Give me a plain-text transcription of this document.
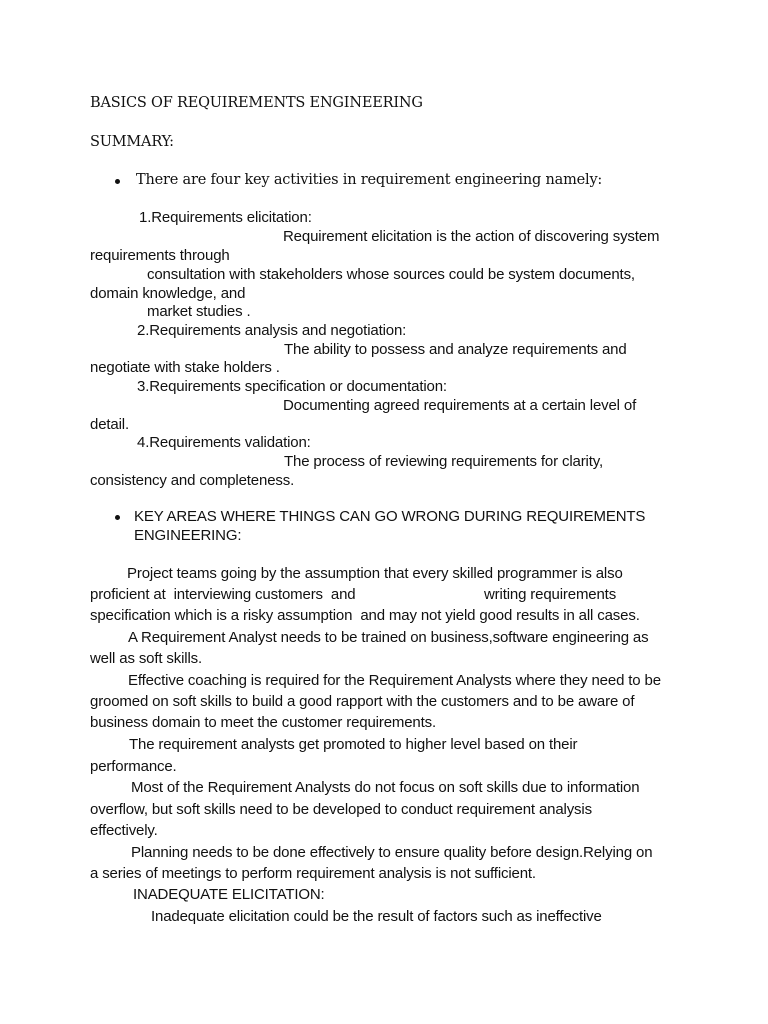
BASICS OF REQUIREMENTS ENGINEERING
SUMMARY:
There are four key activities in requirement engineering namely:
1.Requirements elicitation:
Requirement elicitation is the action of discovering system
requirements through
consultation with stakeholders whose sources could be system documents,
domain knowledge, and
market studies .
2.Requirements analysis and negotiation:
The ability to possess and analyze requirements and
negotiate with stake holders .
3.Requirements specification or documentation:
Documenting agreed requirements at a certain level of
detail.
4.Requirements validation:
The process of reviewing requirements for clarity,
consistency and completeness.
KEY AREAS WHERE THINGS CAN GO WRONG DURING REQUIREMENTS
ENGINEERING:
Project teams going by the assumption that every skilled programmer is also
proficient at  interviewing customers  and	writing requirements
specification which is a risky assumption  and may not yield good results in all cases.
A Requirement Analyst needs to be trained on business,software engineering as
well as soft skills.
Effective coaching is required for the Requirement Analysts where they need to be
groomed on soft skills to build a good rapport with the customers and to be aware of
business domain to meet the customer requirements.
The requirement analysts get promoted to higher level based on their
performance.
Most of the Requirement Analysts do not focus on soft skills due to information
overflow, but soft skills need to be developed to conduct requirement analysis
effectively.
Planning needs to be done effectively to ensure quality before design.Relying on
a series of meetings to perform requirement analysis is not sufficient.
INADEQUATE ELICITATION:
Inadequate elicitation could be the result of factors such as ineffective
